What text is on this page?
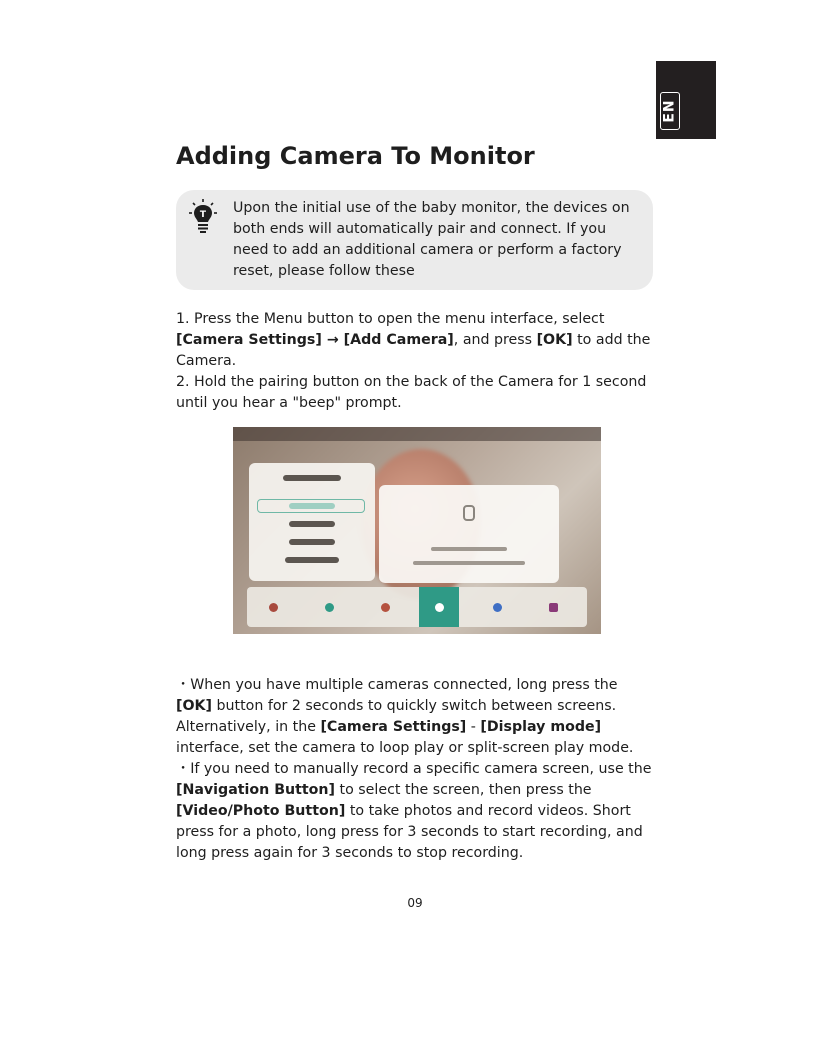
EN
Adding Camera To Monitor
T Upon the initial use of the baby monitor, the devices on both ends will automatically pair and connect. If you need to add an additional camera or perform a factory reset, please follow these

1. Press the Menu button to open the menu interface, select [Camera Settings] → [Add Camera], and press [OK] to add the Camera.

2. Hold the pairing button on the back of the Camera for 1 second until you hear a "beep" prompt.

・When you have multiple cameras connected, long press the [OK] button for 2 seconds to quickly switch between screens. Alternatively, in the [Camera Settings] - [Display mode] interface, set the camera to loop play or split-screen play mode.

・If you need to manually record a specific camera screen, use the [Navigation Button] to select the screen, then press the [Video/Photo Button] to take photos and record videos. Short press for a photo, long press for 3 seconds to start recording, and long press again for 3 seconds to stop recording.

09
